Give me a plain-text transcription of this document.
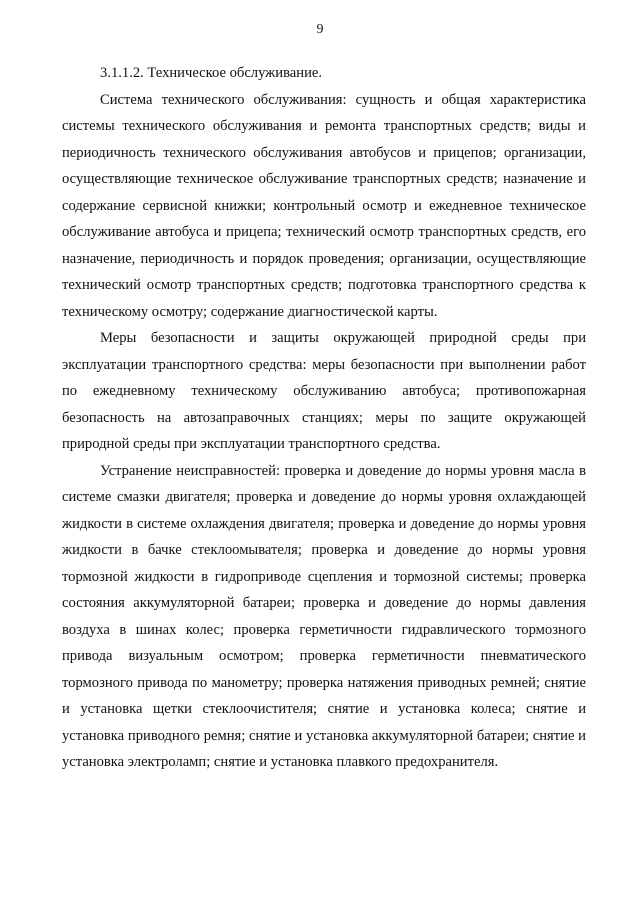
9

3.1.1.2. Техническое обслуживание.

Система технического обслуживания: сущность и общая характеристика системы технического обслуживания и ремонта транспортных средств; виды и периодичность технического обслуживания автобусов и прицепов; организации, осуществляющие техническое обслуживание транспортных средств; назначение и содержание сервисной книжки; контрольный осмотр и ежедневное техническое обслуживание автобуса и прицепа; технический осмотр транспортных средств, его назначение, периодичность и порядок проведения; организации, осуществляющие технический осмотр транспортных средств; подготовка транспортного средства к техническому осмотру; содержание диагностической карты.

Меры безопасности и защиты окружающей природной среды при эксплуатации транспортного средства: меры безопасности при выполнении работ по ежедневному техническому обслуживанию автобуса; противопожарная безопасность на автозаправочных станциях; меры по защите окружающей природной среды при эксплуатации транспортного средства.

Устранение неисправностей: проверка и доведение до нормы уровня масла в системе смазки двигателя; проверка и доведение до нормы уровня охлаждающей жидкости в системе охлаждения двигателя; проверка и доведение до нормы уровня жидкости в бачке стеклоомывателя; проверка и доведение до нормы уровня тормозной жидкости в гидроприводе сцепления и тормозной системы; проверка состояния аккумуляторной батареи; проверка и доведение до нормы давления воздуха в шинах колес; проверка герметичности гидравлического тормозного привода визуальным осмотром; проверка герметичности пневматического тормозного привода по манометру; проверка натяжения приводных ремней; снятие и установка щетки стеклоочистителя; снятие и установка колеса; снятие и установка приводного ремня; снятие и установка аккумуляторной батареи; снятие и установка электроламп; снятие и установка плавкого предохранителя.
